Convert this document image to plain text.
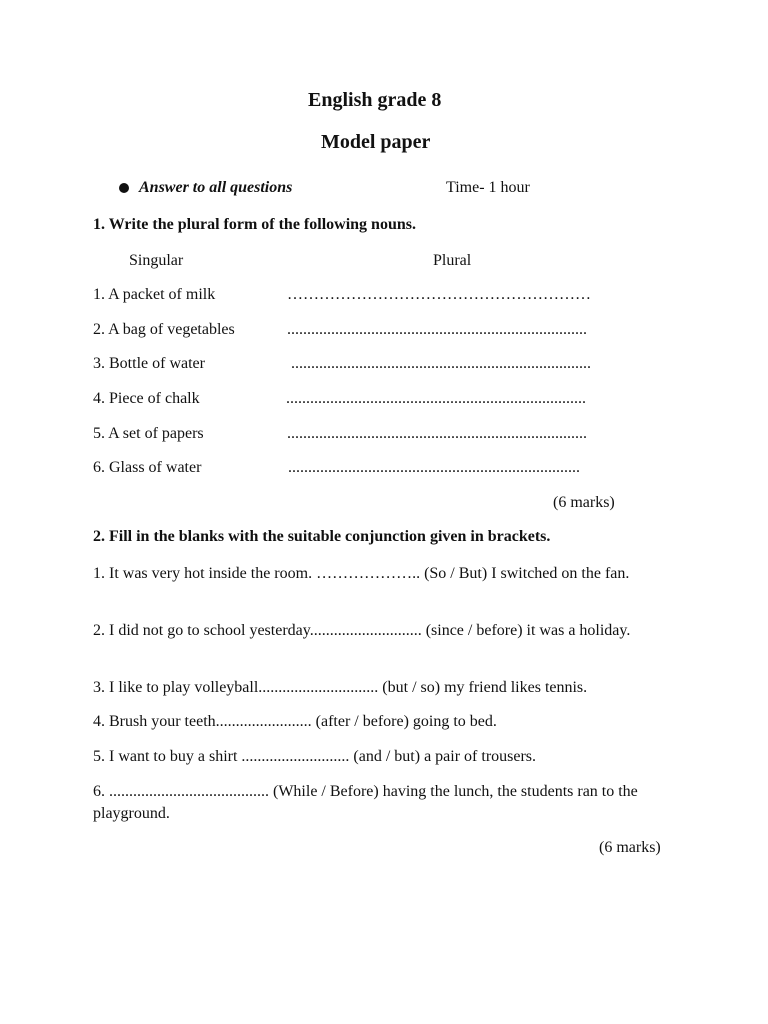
English grade 8
Model paper
Answer to all questions	Time- 1 hour
1. Write the plural form of the following nouns.
Singular	Plural
1. A packet of milk	…………………………………………………
2. A bag of vegetables	...........................................................................
3. Bottle of water	...........................................................................
4. Piece of chalk	...........................................................................
5. A set of papers	...........................................................................
6. Glass of water	.........................................................................
(6 marks)
2. Fill in the blanks with the suitable conjunction given in brackets.
1. It was very hot inside the room. ……………….. (So / But) I switched on the fan.
2. I did not go to school yesterday............................ (since / before) it was a holiday.
3. I like to play volleyball.............................. (but / so) my friend likes tennis.
4. Brush your teeth........................ (after / before) going to bed.
5. I want to buy a shirt ........................... (and / but) a pair of trousers.
6. ........................................ (While / Before) having the lunch, the students ran to the playground.
(6 marks)
